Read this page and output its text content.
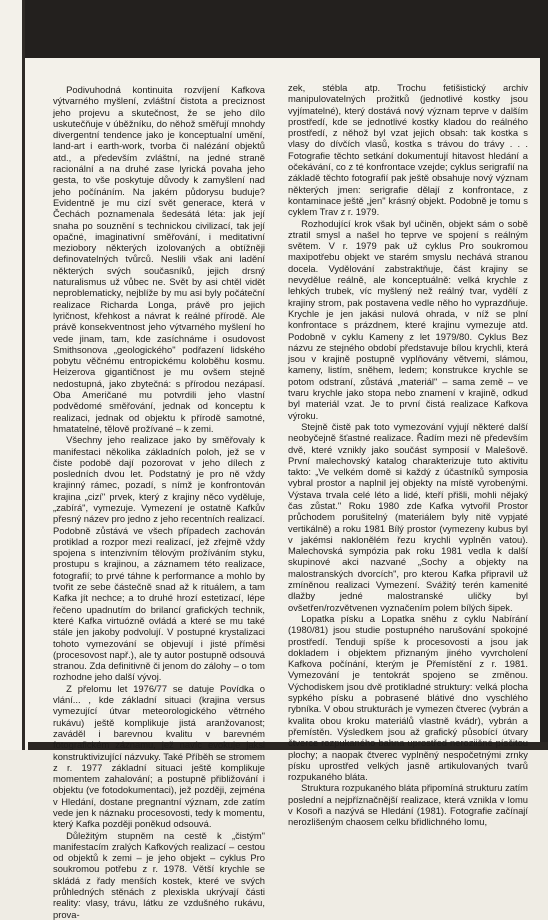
Podivuhodná kontinuita rozvíjení Kafkova výtvarného myšlení, zvláštní čistota a preciznost jeho projevu a skutečnost, že se jeho dílo uskutečňuje v úběžníku, do něhož směřují mnohdy divergentní tendence jako je konceptualní umění, land-art i earth-work, tvorba či nalézání objektů atd., a především zvláštní, na jedné straně racionální a na druhé zase lyrická povaha jeho gesta, to vše poskytuje důvody k zamyšlení nad jeho počínáním. Na jakém půdorysu buduje? Evidentně je mu cizí svět generace, která v Čechách poznamenala šedesátá léta: jak její snaha po souznění s technickou civilizací, tak její opačné, imaginativní směřování, i meditativní meziobory některých izolovaných a obtížněji definovatelných tvůrců. Neslili však ani ladění některých svých současníků, jejich drsný naturalismus už vůbec ne. Svět by asi chtěl vidět neproblematicky, nejblíže by mu asi byly počáteční realizace Richarda Longa, právě pro jejich lyričnost, křehkost a návrat k reálné přírodě. Ale právě konsekventnost jeho výtvarného myšlení ho vede jinam, tam, kde zasíchnáme i osudovost Smithsonova „geologického" podřazení lidského pobytu věčnému entropickému koloběhu kosmu. Heizerova gigantičnost je mu ovšem stejně nedostupná, jako zbytečná: s přírodou nezápasí. Oba Američané mu potvrdili jeho vlastní podvědomé směřování, jednak od konceptu k realizaci, jednak od objektu k přírodě samotné, hmatatelné, tělově prožívané – k zemi.

Všechny jeho realizace jako by směřovaly k manifestaci několika základních poloh, jež se v čiste podobě dají pozorovat v jeho dílech z posledních dvou let. Podstatný je pro ně vždy krajinný rámec, pozadí, s nímž je konfrontován krajina „cizí" prvek, který z krajiny něco vyděluje, „zabírá", vymezuje. Vymezení je ostatně Kafkův přesný název pro jedno z jeho recentních realizací. Podobně zůstává ve všech případech zachován protiklad a rozpor mezi realizací, jež zřejmě vždy spojena s intenzivním tělovým prožíváním styku, prostupu s krajinou, a záznamem této realizace, fotografií; to prvé táhne k performance a mohlo by tvořit ze sebe částečně snad až k rituálem, a tam Kafka jít nechce; a to druhé hrozí estetizací, lépe řečeno upadnutím do brilancí grafických technik, které Kafka virtuózně ovládá a které se mu také stále jen jakoby podvolují. V postupné krystalizaci tohoto vymezování se objevují i jisté příměsi (procesovost např.), ale ty autor postupně odsouvá stranou. Zda definitivně či jenom do zálohy – o tom rozhodne jeho další vývoj.

Z přelomu let 1976/77 se datuje Povídka o vlání... , kde základní situaci (krajina versus vymezující útvar meteorologického větrného rukávu) ještě komplikuje jistá aranžovanost; zaváděl i barevnou kvalitu v barevném fotografickém záznamu, jež navíc evokuje jaksi konstruktivizující názvuky. Také Příběh se stromem z r. 1977 základní situaci ještě komplikuje momentem zahalování; a postupně přibližování i objektu (ve fotodokumentaci), jež později, zejména v Hledání, dostane pregnantní význam, zde zatím vede jen k náznaku procesovosti, tedy k momentu, který Kafka později poněkud odsouvá.

Důležitým stupněm na cestě k „čistým" manifestacím zralých Kafkových realizací – cestou od objektů k zemi – je jeho objekt – cyklus Pro soukromou potřebu z r. 1978. Větší krychle se skládá z řady menších kostek, které ve svých průhledných stěnách z plexiskla ukrývají části reality: vlasy, trávu, látku ze vzdušného rukávu, prova-

zek, stébla atp. Trochu fetišistický archiv manipulovatelných prožitků (jednotlivé kostky jsou vyjímatelné), který dostává nový význam teprve v dalším prostředí, kde se jednotlivé kostky kladou do reálného prostředí, z něhož byl vzat jejich obsah: tak kostka s vlasy do dívčích vlasů, kostka s trávou do trávy . . . Fotografie těchto setkání dokumentují hitavost hledání a očekávání, co z té konfrontace vzejde; cyklus serigrafií na základě těchto fotografií pak ještě obsahuje nový význam některých jmen: serigrafie dělají z konfrontace, z kontaminace ještě „jen" krásný objekt. Podobně je tomu s cyklem Trav z r. 1979.

Rozhodující krok však byl učiněn, objekt sám o sobě ztratil smysl a našel ho teprve ve spojení s reálným světem. V r. 1979 pak už cyklus Pro soukromou maxipotřebu objekt ve starém smyslu nechává stranou docela. Vydělování zabstraktňuje, část krajiny se nevydělue reálně, ale konceptuálně: velká krychle z lehkých trubek, víc myšlený než reálný tvar, vydělí z krajiny strom, pak postavena vedle něho ho vyprazdňuje. Krychle je jen jakási nulová ohrada, v níž se plní konfrontace s prázdnem, které krajinu vymezuje atd. Podobně v cyklu Kameny z let 1979/80. Cyklus Bez názvu ze stejného období představuje bílou krychli, která jsou v krajině postupně vyplňovány větvemi, slámou, kameny, listím, sněhem, ledem; konstrukce krychle se potom odstraní, zůstává „materiál" – sama země – ve tvaru krychle jako stopa nebo znamení v krajině, odkud byl materiál vzat. Je to první čistá realizace Kafkova výroku.

Stejně čistě pak toto vymezování vyjují některé další neobyčejně šťastné realizace. Řadím mezi ně především dvě, které vznikly jako součást symposií v Malešově. První malechovský katalog charakterizuje tuto aktivitu takto: „Ve velkém domě si každý z účastníků symposia vybral prostor a naplnil jej objekty na místě vyrobenými. Výstava trvala celé léto a lidé, kteří přišli, mohli nějaký čas zůstat." Roku 1980 zde Kafka vytvořil Prostor průchodem porušitelný (materiálem byly nitě vypjaté vertikálně) a roku 1981 Bílý prostor (vymezeny kubus byl v jakémsi naklonělém řezu krychli vyplněn vatou). Malechovská sympózia pak roku 1981 vedla k další skupinové akci nazvané „Sochy a objekty na malostranských dvorcích", pro kterou Kafka připravil už zmíněnou realizaci Vymezení. Svážitý terén kamenité dlažby jedné malostranské uličky byl ovšetřen/rozvětvenen vyznačením polem bílých šipek.

Lopatka písku a Lopatka sněhu z cyklu Nabírání (1980/81) jsou studie postupného narušování spokojné prostředí. Tenduji spíše k procesovosti a jsou jak dokladem i objektem přiznaným jiného vyvrcholení Kafkova počínání, kterým je Přemístění z r. 1981. Vymezování je tentokrát spojeno se změnou. Východiskem jsou dvě protikladné struktury: velká plocha sypkého písku a pobrasené blátivé dno vyschlého rybníka. V obou strukturách je vymezen čtverec (vybrán a kvalita obou kroku materiálů vlastně kvádr), vybrán a přemístěn. Výsledkem jsou až grafický působící útvary čtverce rozpukaného bahna uprostřed neroziišné písčitou plochy; a naopak čtverec vyplněný nespočetnými zrnky písku uprostřed velkých jasně artikulovaných tvarů rozpukaného bláta.

Struktura rozpukaného bláta připomíná strukturu zatím poslední a nejpříznačnější realizace, která vznikla v lomu v Kosoři a nazývá se Hledání (1981). Fotografie začínají nerozlišeným chaosem celku břidlichného lomu,
